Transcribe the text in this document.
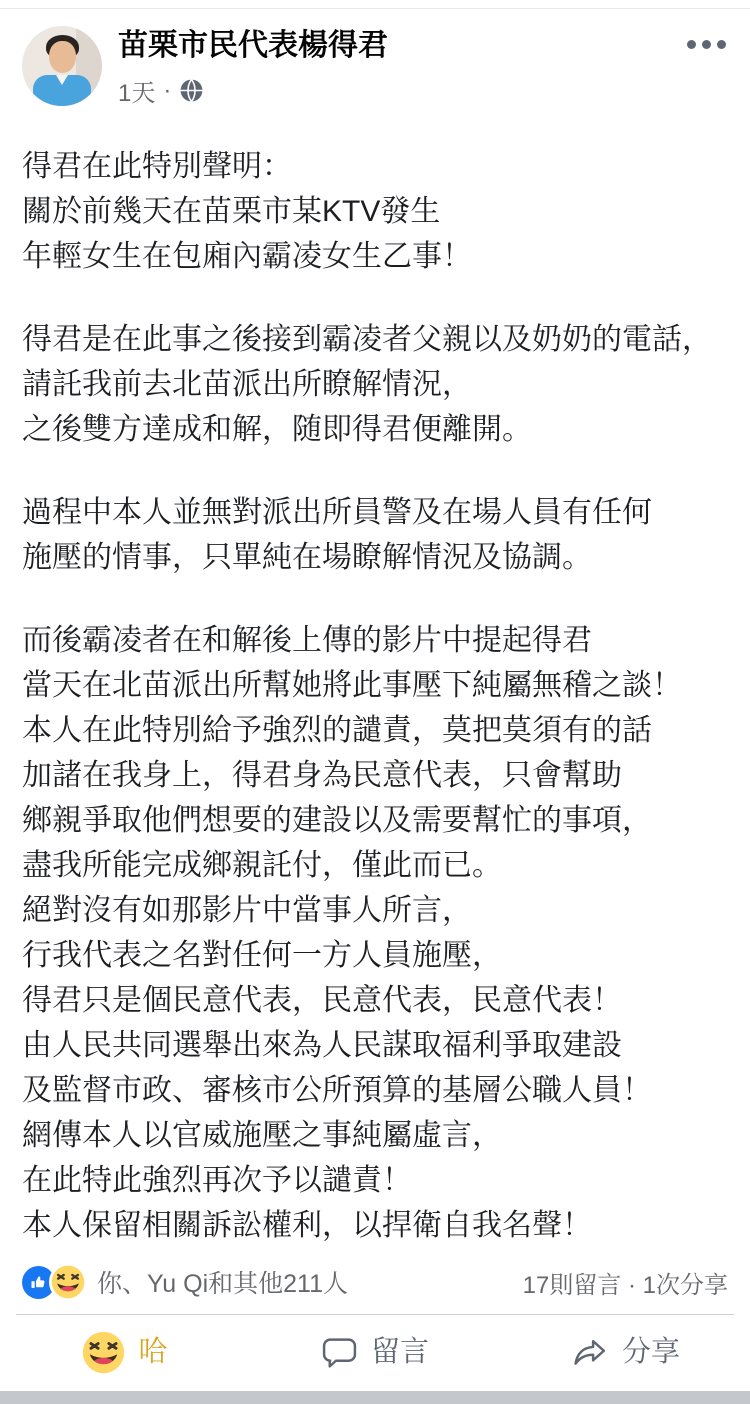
苗栗市民代表楊得君
1天 ·
得君在此特別聲明：
關於前幾天在苗栗市某KTV發生
年輕女生在包廂內霸凌女生乙事！
得君是在此事之後接到霸凌者父親以及奶奶的電話，
請託我前去北苗派出所瞭解情況，
之後雙方達成和解，随即得君便離開。
過程中本人並無對派出所員警及在場人員有任何
施壓的情事，只單純在場瞭解情況及協調。
而後霸凌者在和解後上傳的影片中提起得君
當天在北苗派出所幫她將此事壓下純屬無稽之談！
本人在此特別給予強烈的譴責，莫把莫須有的話
加諸在我身上，得君身為民意代表，只會幫助
鄉親爭取他們想要的建設以及需要幫忙的事項，
盡我所能完成鄉親託付，僅此而已。
絕對沒有如那影片中當事人所言，
行我代表之名對任何一方人員施壓，
得君只是個民意代表，民意代表，民意代表！
由人民共同選舉出來為人民謀取福利爭取建設
及監督市政、審核市公所預算的基層公職人員！
網傳本人以官威施壓之事純屬虛言，
在此特此強烈再次予以譴責！
本人保留相關訴訟權利，以捍衛自我名聲！
你、Yu Qi和其他211人	17則留言 · 1次分享
哈	留言	分享
